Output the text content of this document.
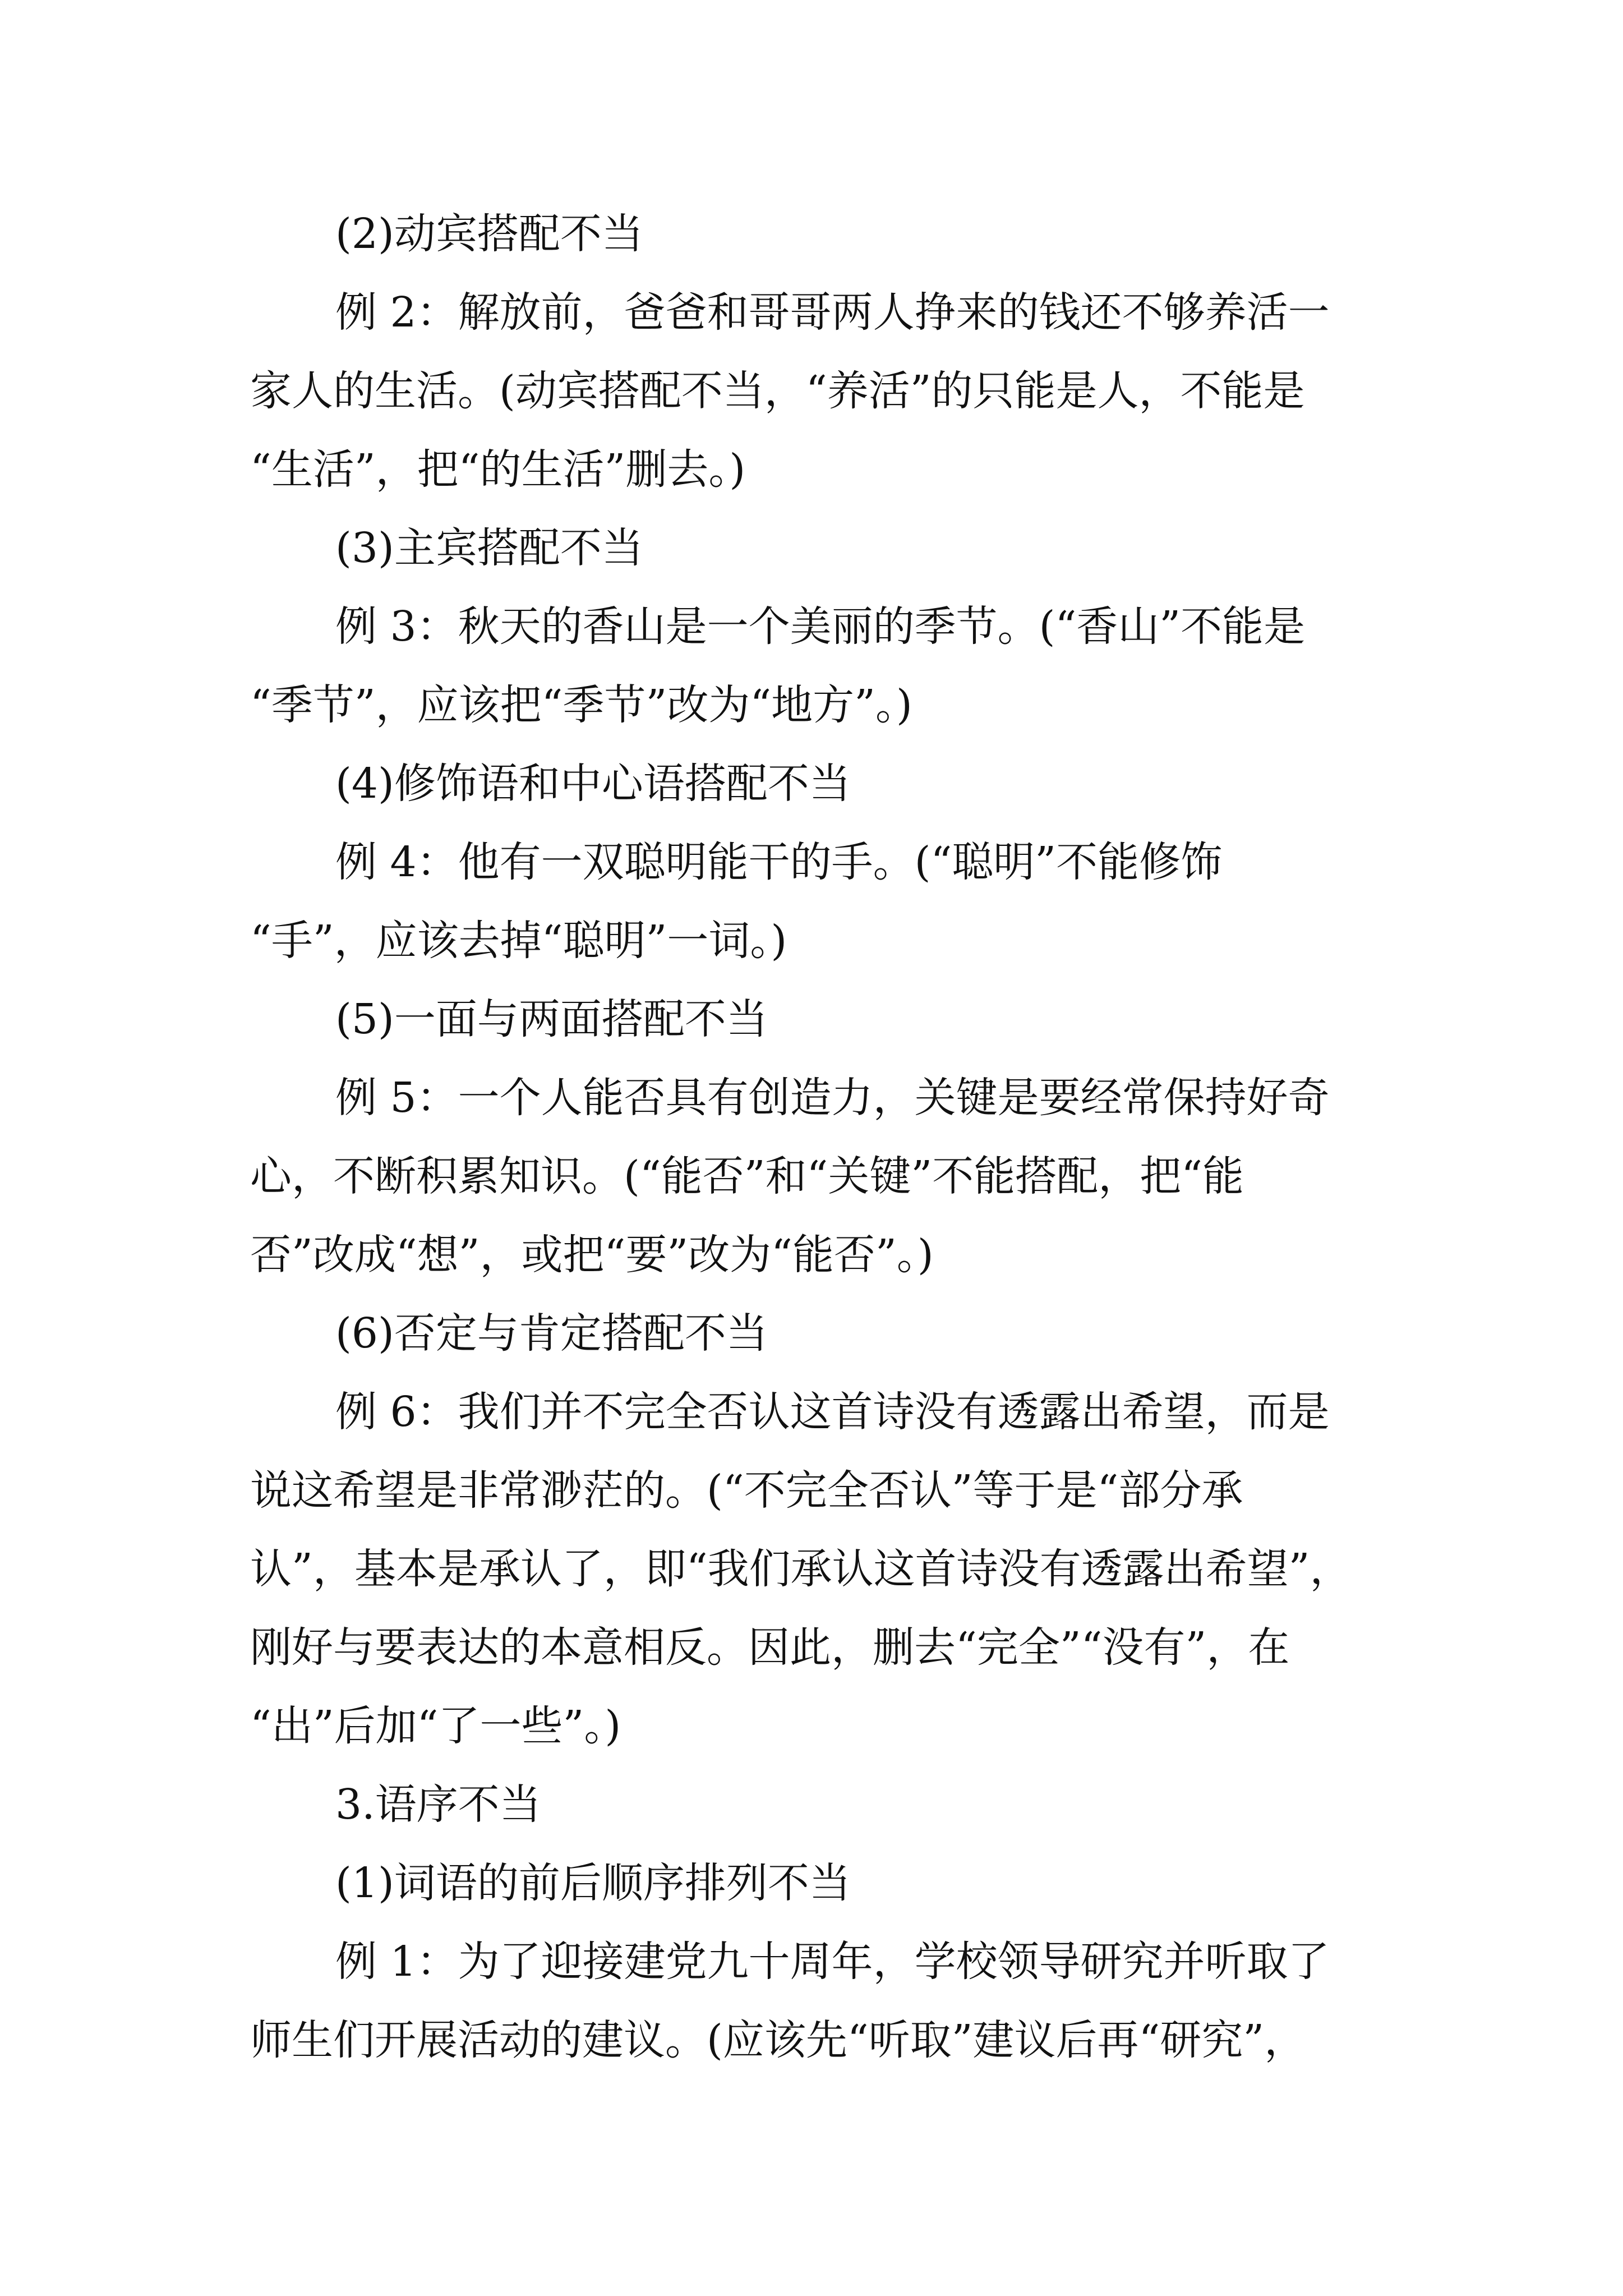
(2)动宾搭配不当
例 2：解放前，爸爸和哥哥两人挣来的钱还不够养活一
家人的生活。(动宾搭配不当，“养活”的只能是人，不能是
“生活”，把“的生活”删去。)
(3)主宾搭配不当
例 3：秋天的香山是一个美丽的季节。(“香山”不能是
“季节”，应该把“季节”改为“地方”。)
(4)修饰语和中心语搭配不当
例 4：他有一双聪明能干的手。(“聪明”不能修饰
“手”，应该去掉“聪明”一词。)
(5)一面与两面搭配不当
例 5：一个人能否具有创造力，关键是要经常保持好奇
心，不断积累知识。(“能否”和“关键”不能搭配，把“能
否”改成“想”，或把“要”改为“能否”。)
(6)否定与肯定搭配不当
例 6：我们并不完全否认这首诗没有透露出希望，而是
说这希望是非常渺茫的。(“不完全否认”等于是“部分承
认”，基本是承认了，即“我们承认这首诗没有透露出希望”，
刚好与要表达的本意相反。因此，删去“完全”“没有”，在
“出”后加“了一些”。)
3.语序不当
(1)词语的前后顺序排列不当
例 1：为了迎接建党九十周年，学校领导研究并听取了
师生们开展活动的建议。(应该先“听取”建议后再“研究”，
